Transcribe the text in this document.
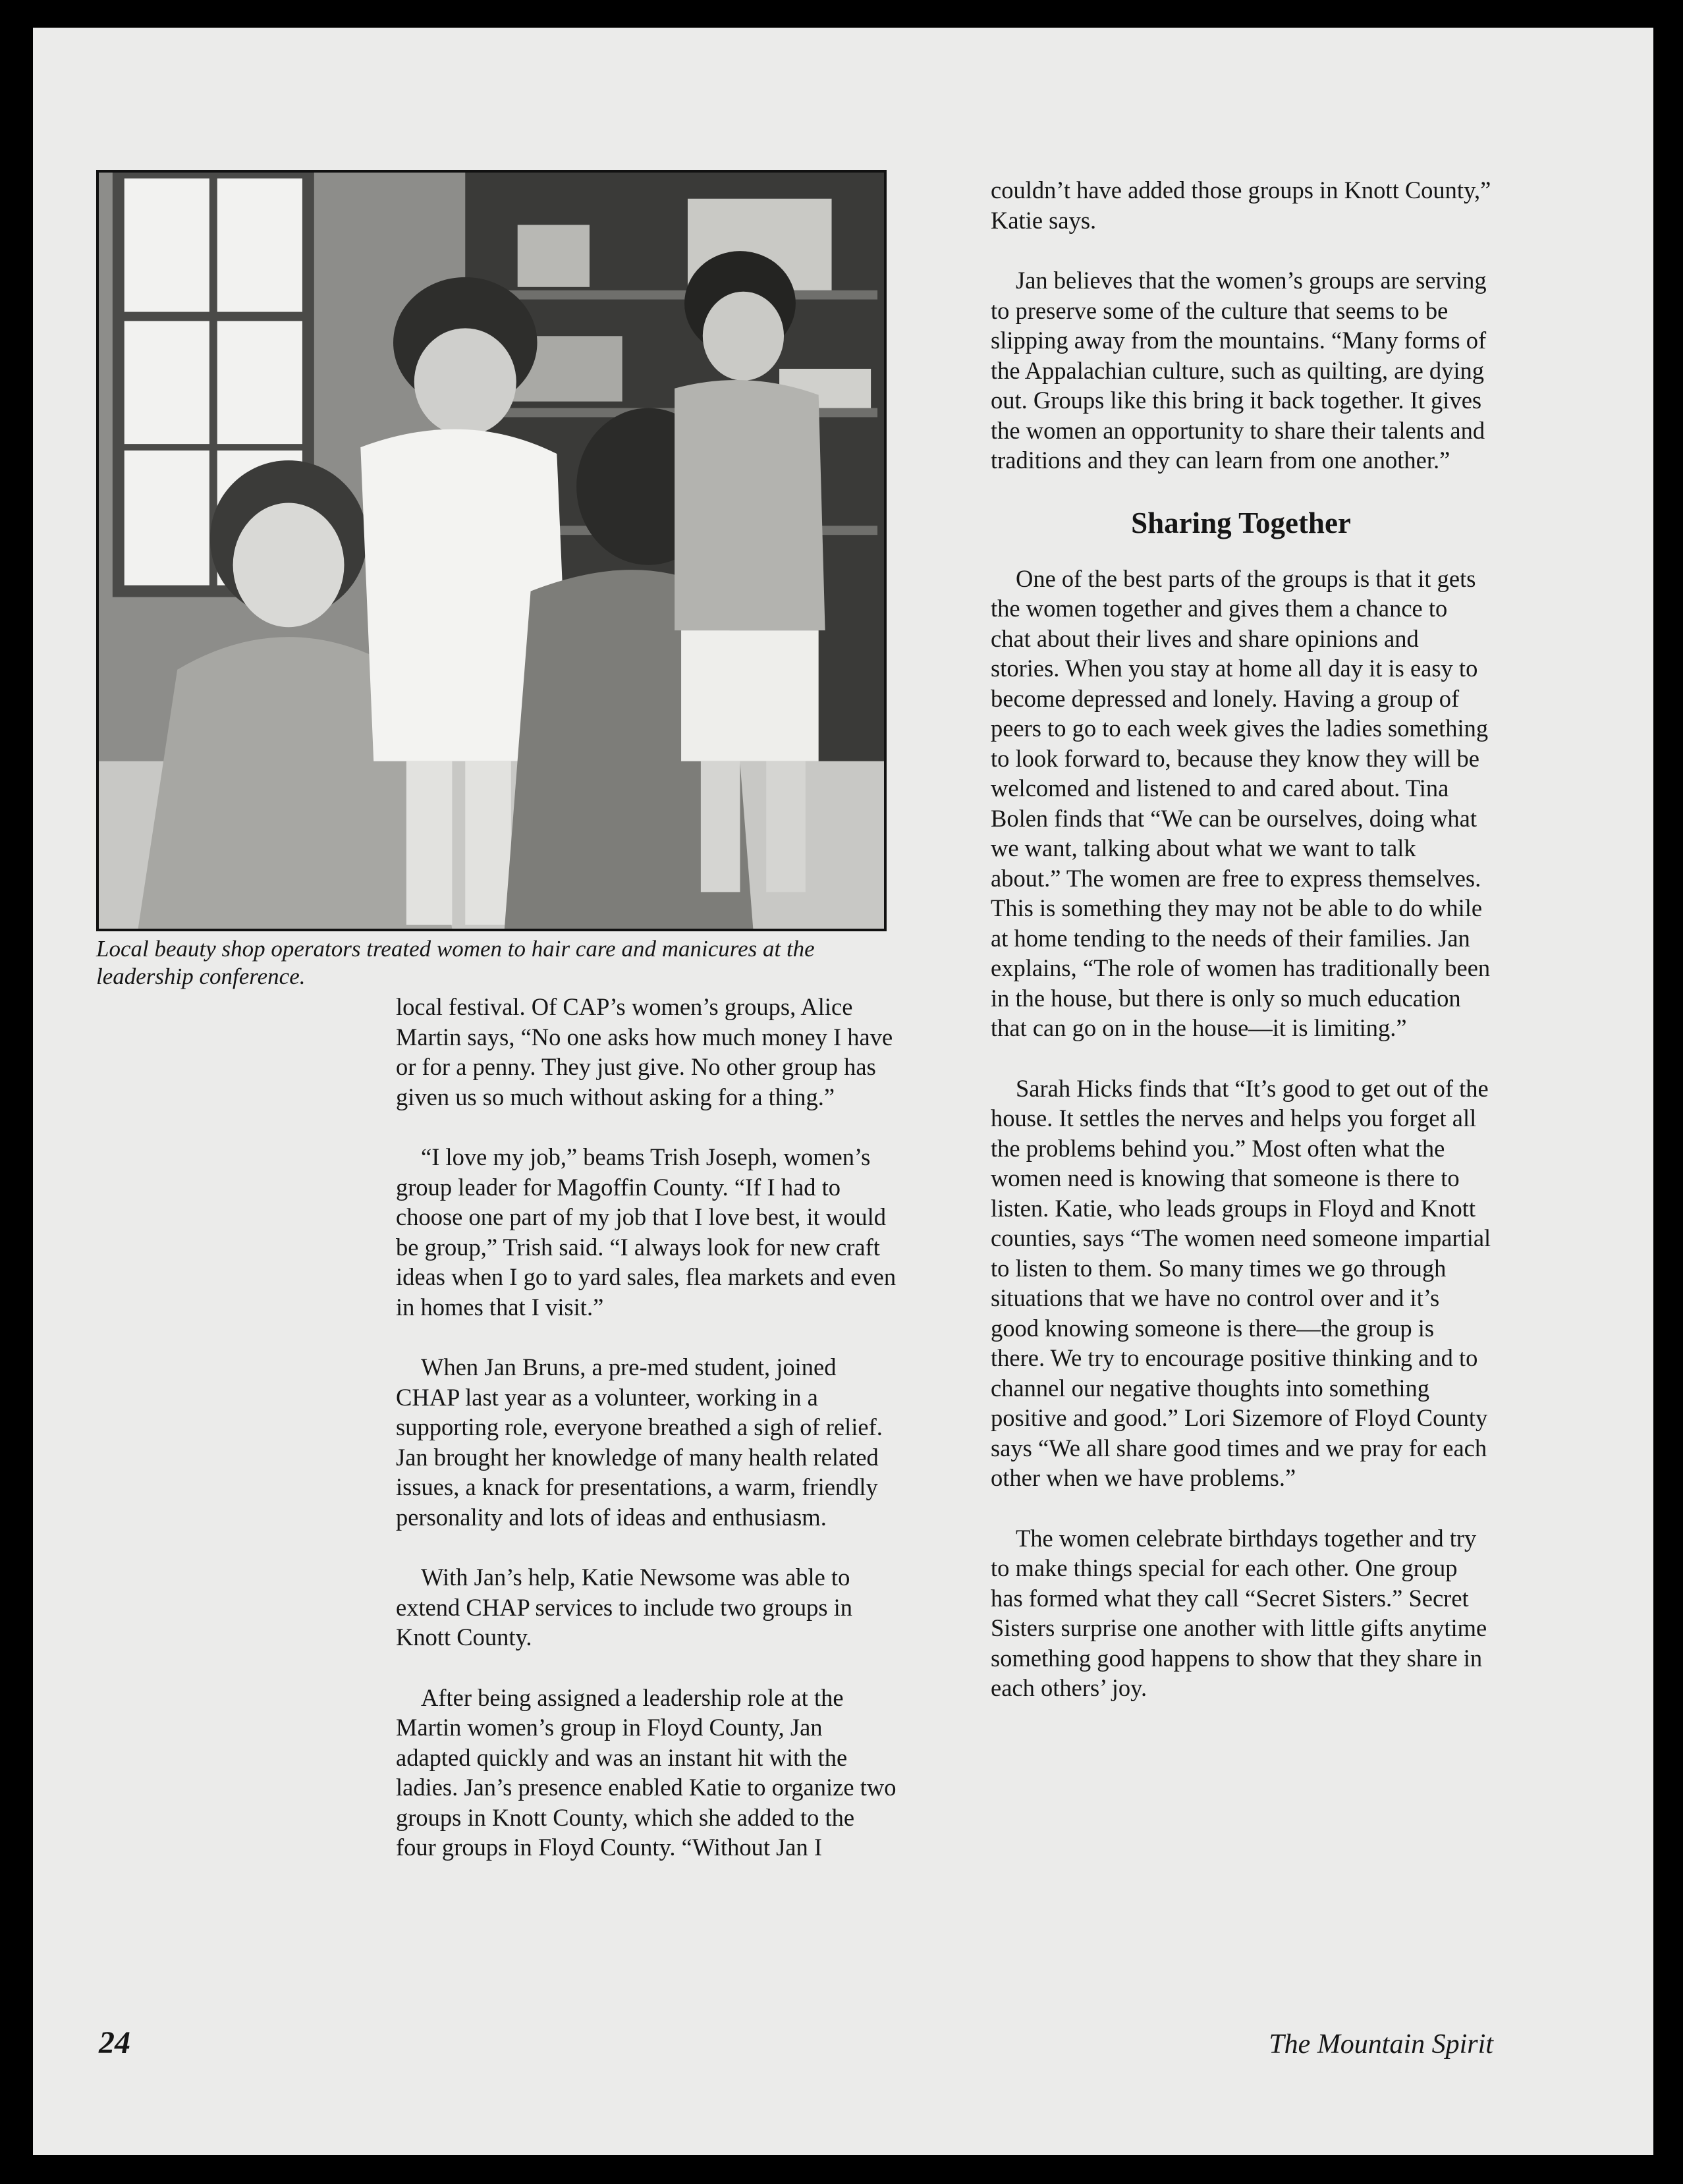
Local beauty shop operators treated women to hair care and manicures at the leadership conference.

local festival. Of CAP’s women’s groups, Alice Martin says, “No one asks how much money I have or for a penny. They just give. No other group has given us so much without asking for a thing.”

“I love my job,” beams Trish Joseph, women’s group leader for Magoffin County. “If I had to choose one part of my job that I love best, it would be group,” Trish said. “I always look for new craft ideas when I go to yard sales, flea markets and even in homes that I visit.”

When Jan Bruns, a pre-med student, joined CHAP last year as a volunteer, working in a supporting role, everyone breathed a sigh of relief. Jan brought her knowledge of many health related issues, a knack for presentations, a warm, friendly personality and lots of ideas and enthusiasm.

With Jan’s help, Katie Newsome was able to extend CHAP services to include two groups in Knott County.

After being assigned a leadership role at the Martin women’s group in Floyd County, Jan adapted quickly and was an instant hit with the ladies. Jan’s presence enabled Katie to organize two groups in Knott County, which she added to the four groups in Floyd County. “Without Jan I

couldn’t have added those groups in Knott County,” Katie says.

Jan believes that the women’s groups are serving to preserve some of the culture that seems to be slipping away from the mountains. “Many forms of the Appalachian culture, such as quilting, are dying out. Groups like this bring it back together. It gives the women an opportunity to share their talents and traditions and they can learn from one another.”

Sharing Together

One of the best parts of the groups is that it gets the women together and gives them a chance to chat about their lives and share opinions and stories. When you stay at home all day it is easy to become depressed and lonely. Having a group of peers to go to each week gives the ladies something to look forward to, because they know they will be welcomed and listened to and cared about. Tina Bolen finds that “We can be ourselves, doing what we want, talking about what we want to talk about.” The women are free to express themselves. This is something they may not be able to do while at home tending to the needs of their families. Jan explains, “The role of women has traditionally been in the house, but there is only so much education that can go on in the house—it is limiting.”

Sarah Hicks finds that “It’s good to get out of the house. It settles the nerves and helps you forget all the problems behind you.” Most often what the women need is knowing that someone is there to listen. Katie, who leads groups in Floyd and Knott counties, says “The women need someone impartial to listen to them. So many times we go through situations that we have no control over and it’s good knowing someone is there—the group is there. We try to encourage positive thinking and to channel our negative thoughts into something positive and good.” Lori Sizemore of Floyd County says “We all share good times and we pray for each other when we have problems.”

The women celebrate birthdays together and try to make things special for each other. One group has formed what they call “Secret Sisters.” Secret Sisters surprise one another with little gifts anytime something good happens to show that they share in each others’ joy.

24	The Mountain Spirit
